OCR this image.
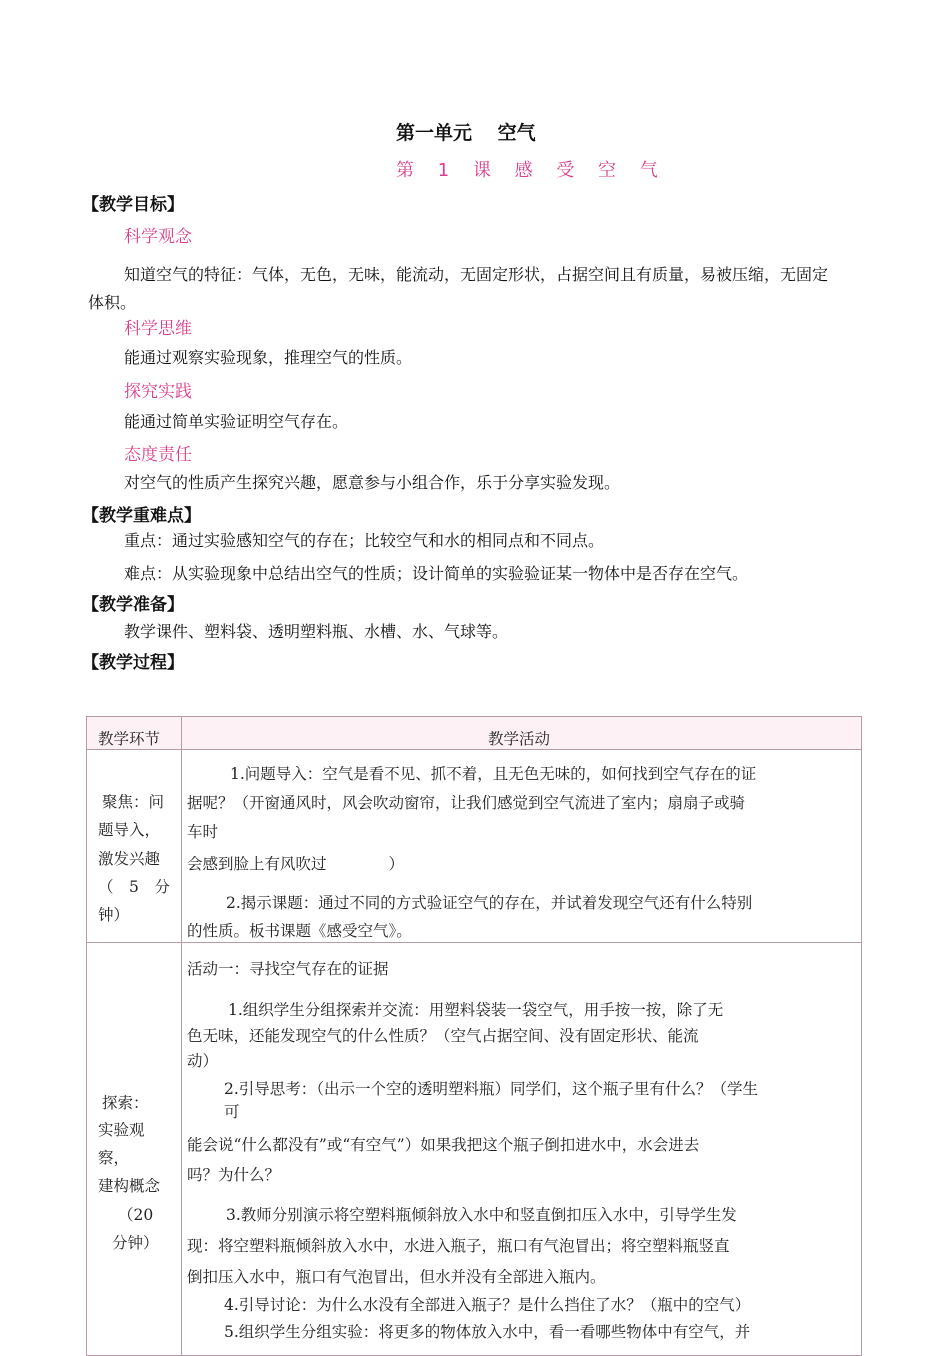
第一单元　 空气
第 1 课 感 受 空 气
【教学目标】
科学观念
知道空气的特征：气体，无色，无味，能流动，无固定形状，占据空间且有质量，易被压缩，无固定
体积。
科学思维
能通过观察实验现象，推理空气的性质。
探究实践
能通过简单实验证明空气存在。
态度责任
对空气的性质产生探究兴趣，愿意参与小组合作，乐于分享实验发现。
【教学重难点】
重点：通过实验感知空气的存在；比较空气和水的相同点和不同点。
难点：从实验现象中总结出空气的性质；设计简单的实验验证某一物体中是否存在空气。
【教学准备】
教学课件、塑料袋、透明塑料瓶、水槽、水、气球等。
【教学过程】
教学环节	教学活动
聚焦：问
题导入，
激发兴趣
（　5　分
钟）
1.问题导入：空气是看不见、抓不着，且无色无味的，如何找到空气存在的证
据呢？（开窗通风时，风会吹动窗帘，让我们感觉到空气流进了室内；扇扇子或骑
车时
会感到脸上有风吹过　　　　）
2.揭示课题：通过不同的方式验证空气的存在，并试着发现空气还有什么特别
的性质。板书课题《感受空气》。
探索：
实验观
察，
建构概念
（20
分钟）
活动一：寻找空气存在的证据
1.组织学生分组探索并交流：用塑料袋装一袋空气，用手按一按，除了无
色无味，还能发现空气的什么性质？（空气占据空间、没有固定形状、能流
动）
2.引导思考：（出示一个空的透明塑料瓶）同学们，这个瓶子里有什么？（学生
可
能会说“什么都没有”或“有空气”）如果我把这个瓶子倒扣进水中，水会进去
吗？为什么？
3.教师分别演示将空塑料瓶倾斜放入水中和竖直倒扣压入水中，引导学生发
现：将空塑料瓶倾斜放入水中，水进入瓶子，瓶口有气泡冒出；将空塑料瓶竖直
倒扣压入水中，瓶口有气泡冒出，但水并没有全部进入瓶内。
4.引导讨论：为什么水没有全部进入瓶子？是什么挡住了水？（瓶中的空气）
5.组织学生分组实验：将更多的物体放入水中，看一看哪些物体中有空气，并
